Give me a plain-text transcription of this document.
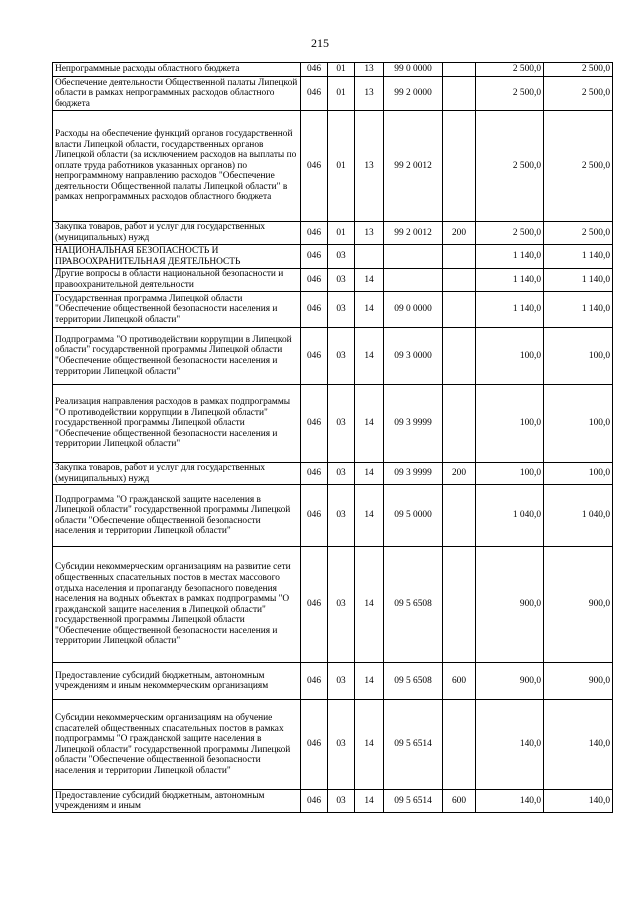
215
Непрограммные расходы областного бюджета	046	01	13	99 0 0000		2 500,0	2 500,0
Обеспечение деятельности Общественной палаты Липецкой области в рамках непрограммных расходов областного бюджета	046	01	13	99 2 0000		2 500,0	2 500,0
Расходы на обеспечение функций органов государственной власти Липецкой области, государственных органов Липецкой области (за исключением расходов на выплаты по оплате труда работников указанных органов) по непрограммному направлению расходов "Обеспечение деятельности Общественной палаты Липецкой области" в рамках непрограммных расходов областного бюджета	046	01	13	99 2 0012		2 500,0	2 500,0
Закупка товаров, работ и услуг для государственных (муниципальных) нужд	046	01	13	99 2 0012	200	2 500,0	2 500,0
НАЦИОНАЛЬНАЯ БЕЗОПАСНОСТЬ И ПРАВООХРАНИТЕЛЬНАЯ ДЕЯТЕЛЬНОСТЬ	046	03				1 140,0	1 140,0
Другие вопросы в области национальной безопасности и правоохранительной деятельности	046	03	14			1 140,0	1 140,0
Государственная программа Липецкой области "Обеспечение общественной безопасности населения и территории Липецкой области"	046	03	14	09 0 0000		1 140,0	1 140,0
Подпрограмма "О противодействии коррупции в Липецкой области" государственной программы Липецкой области "Обеспечение общественной безопасности населения и территории Липецкой области"	046	03	14	09 3 0000		100,0	100,0
Реализация направления расходов в рамках подпрограммы "О противодействии коррупции в Липецкой области" государственной программы Липецкой области "Обеспечение общественной безопасности населения и территории Липецкой области"	046	03	14	09 3 9999		100,0	100,0
Закупка товаров, работ и услуг для государственных (муниципальных) нужд	046	03	14	09 3 9999	200	100,0	100,0
Подпрограмма "О гражданской защите населения в Липецкой области" государственной программы Липецкой области "Обеспечение общественной безопасности населения и территории Липецкой области"	046	03	14	09 5 0000		1 040,0	1 040,0
Субсидии некоммерческим организациям на развитие сети общественных спасательных постов в местах массового отдыха населения и пропаганду безопасного поведения населения на водных объектах в рамках подпрограммы "О гражданской защите населения в Липецкой области" государственной программы Липецкой области "Обеспечение общественной безопасности населения и территории Липецкой области"	046	03	14	09 5 6508		900,0	900,0
Предоставление субсидий бюджетным, автономным учреждениям и иным некоммерческим организациям	046	03	14	09 5 6508	600	900,0	900,0
Субсидии некоммерческим организациям на обучение спасателей общественных спасательных постов в рамках подпрограммы "О гражданской защите населения в Липецкой области" государственной программы Липецкой области "Обеспечение общественной безопасности населения и территории Липецкой области"	046	03	14	09 5 6514		140,0	140,0
Предоставление субсидий бюджетным, автономным учреждениям и иным	046	03	14	09 5 6514	600	140,0	140,0
